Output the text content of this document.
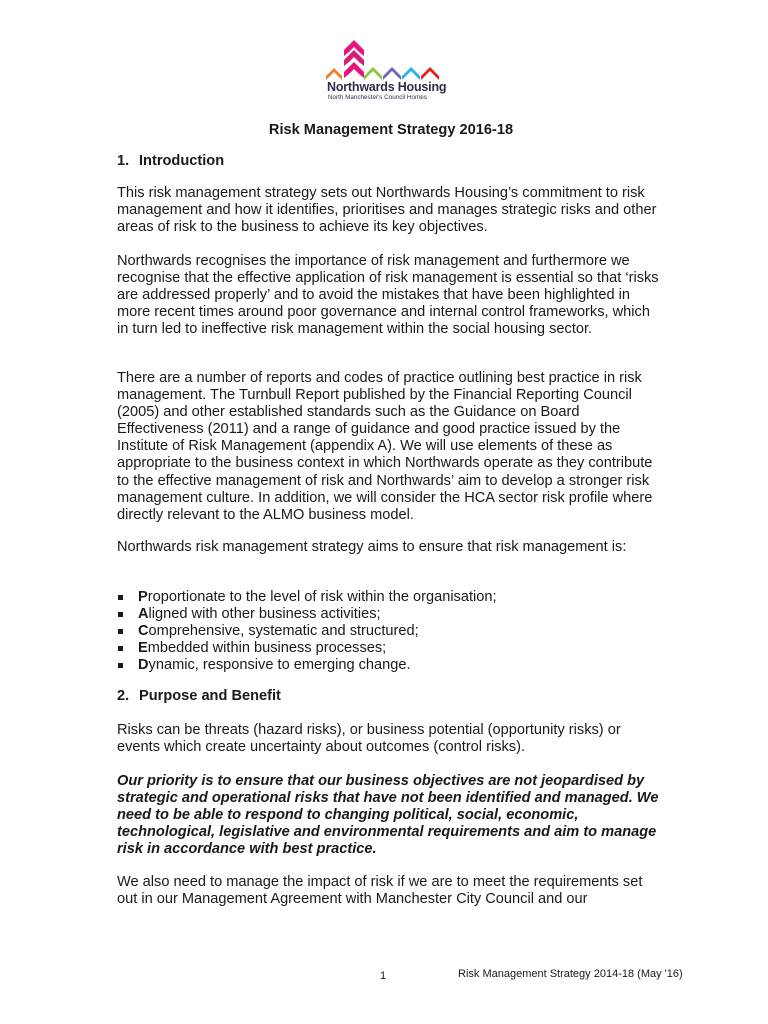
Northwards Housing
North Manchester's Council Homes
Risk Management Strategy 2016-18
1. Introduction

This risk management strategy sets out Northwards Housing’s commitment to risk management and how it identifies, prioritises and manages strategic risks and other areas of risk to the business to achieve its key objectives.

Northwards recognises the importance of risk management and furthermore we recognise that the effective application of risk management is essential so that ‘risks are addressed properly’ and to avoid the mistakes that have been highlighted in more recent times around poor governance and internal control frameworks, which in turn led to ineffective risk management within the social housing sector.

There are a number of reports and codes of practice outlining best practice in risk management. The Turnbull Report published by the Financial Reporting Council (2005) and other established standards such as the Guidance on Board Effectiveness (2011) and a range of guidance and good practice issued by the Institute of Risk Management (appendix A). We will use elements of these as appropriate to the business context in which Northwards operate as they contribute to the effective management of risk and Northwards’ aim to develop a stronger risk management culture. In addition, we will consider the HCA sector risk profile where directly relevant to the ALMO business model.

Northwards risk management strategy aims to ensure that risk management is:

Proportionate to the level of risk within the organisation;
Aligned with other business activities;
Comprehensive, systematic and structured;
Embedded within business processes;
Dynamic, responsive to emerging change.
2. Purpose and Benefit

Risks can be threats (hazard risks), or business potential (opportunity risks) or events which create uncertainty about outcomes (control risks).

Our priority is to ensure that our business objectives are not jeopardised by strategic and operational risks that have not been identified and managed. We need to be able to respond to changing political, social, economic, technological, legislative and environmental requirements and aim to manage risk in accordance with best practice.

We also need to manage the impact of risk if we are to meet the requirements set out in our Management Agreement with Manchester City Council and our

1	Risk Management Strategy 2014-18 (May '16)
